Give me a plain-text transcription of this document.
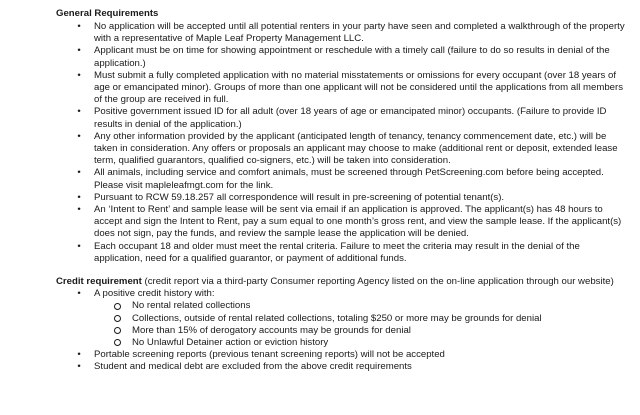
General Requirements
•	No application will be accepted until all potential renters in your party have seen and completed a walkthrough of the property with a representative of Maple Leaf Property Management LLC.
•	Applicant must be on time for showing appointment or reschedule with a timely call (failure to do so results in denial of the application.)
•	Must submit a fully completed application with no material misstatements or omissions for every occupant (over 18 years of age or emancipated minor). Groups of more than one applicant will not be considered until the applications from all members of the group are received in full.
•	Positive government issued ID for all adult (over 18 years of age or emancipated minor) occupants. (Failure to provide ID results in denial of the application.)
•	Any other information provided by the applicant (anticipated length of tenancy, tenancy commencement date, etc.) will be taken in consideration. Any offers or proposals an applicant may choose to make (additional rent or deposit, extended lease term, qualified guarantors, qualified co-signers, etc.) will be taken into consideration.
•	All animals, including service and comfort animals, must be screened through PetScreening.com before being accepted. Please visit mapleleafmgt.com for the link.
•	Pursuant to RCW 59.18.257 all correspondence will result in pre-screening of potential tenant(s).
•	An ‘Intent to Rent’ and sample lease will be sent via email if an application is approved. The applicant(s) has 48 hours to accept and sign the Intent to Rent, pay a sum equal to one month’s gross rent, and view the sample lease. If the applicant(s) does not sign, pay the funds, and review the sample lease the application will be denied.
•	Each occupant 18 and older must meet the rental criteria. Failure to meet the criteria may result in the denial of the application, need for a qualified guarantor, or payment of additional funds.

Credit requirement (credit report via a third-party Consumer reporting Agency listed on the on-line application through our website)

•	A positive credit history with:
No rental related collections
Collections, outside of rental related collections, totaling $250 or more may be grounds for denial
More than 15% of derogatory accounts may be grounds for denial
No Unlawful Detainer action or eviction history
•	Portable screening reports (previous tenant screening reports) will not be accepted
•	Student and medical debt are excluded from the above credit requirements
